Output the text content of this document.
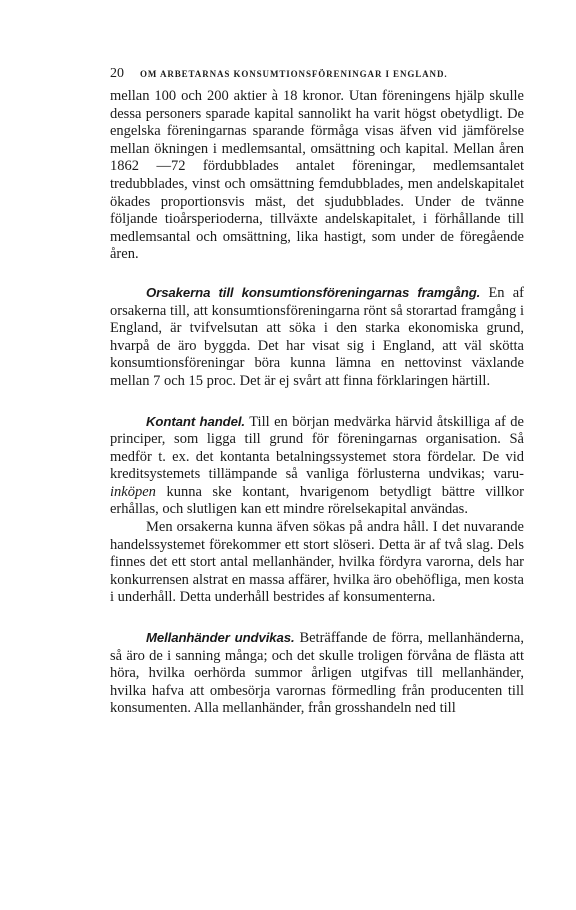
20 OM ARBETARNAS KONSUMTIONSFÖRENINGAR I ENGLAND.

mellan 100 och 200 aktier à 18 kronor. Utan föreningens hjälp skulle dessa personers sparade kapital sannolikt ha varit högst obetydligt. De engelska föreningarnas sparande förmåga visas äfven vid jämförelse mellan ökningen i medlemsantal, omsättning och kapital. Mellan åren 1862 —72 fördubblades antalet föreningar, medlemsantalet tredubblades, vinst och omsättning femdubblades, men andelskapitalet ökades proportionsvis mäst, det sjudubblades. Under de tvänne följande tioårsperioderna, tillväxte andelskapitalet, i förhållande till medlemsantal och omsättning, lika hastigt, som under de föregående åren.

Orsakerna till konsumtionsföreningarnas framgång. En af orsakerna till, att konsumtionsföreningarna rönt så storartad framgång i England, är tvifvelsutan att söka i den starka ekonomiska grund, hvarpå de äro byggda. Det har visat sig i England, att väl skötta konsumtionsföreningar böra kunna lämna en nettovinst växlande mellan 7 och 15 proc. Det är ej svårt att finna förklaringen härtill.

Kontant handel. Till en början medvärka härvid åtskilliga af de principer, som ligga till grund för föreningarnas organisation. Så medför t. ex. det kontanta betalningssystemet stora fördelar. De vid kreditsystemets tillämpande så vanliga förlusterna undvikas; varu- inköpen kunna ske kontant, hvarigenom betydligt bättre villkor erhållas, och slutligen kan ett mindre rörelsekapital användas.

Men orsakerna kunna äfven sökas på andra håll. I det nuvarande handelssystemet förekommer ett stort slöseri. Detta är af två slag. Dels finnes det ett stort antal mellanhänder, hvilka fördyra varorna, dels har konkurrensen alstrat en massa affärer, hvilka äro obehöfliga, men kosta i underhåll. Detta underhåll bestrides af konsumenterna.

Mellanhänder undvikas. Beträffande de förra, mellanhänderna, så äro de i sanning många; och det skulle troligen förvåna de flästa att höra, hvilka oerhörda summor årligen utgifvas till mellanhänder, hvilka hafva att ombesörja varornas förmedling från producenten till konsumenten. Alla mellanhänder, från grosshandeln ned till
